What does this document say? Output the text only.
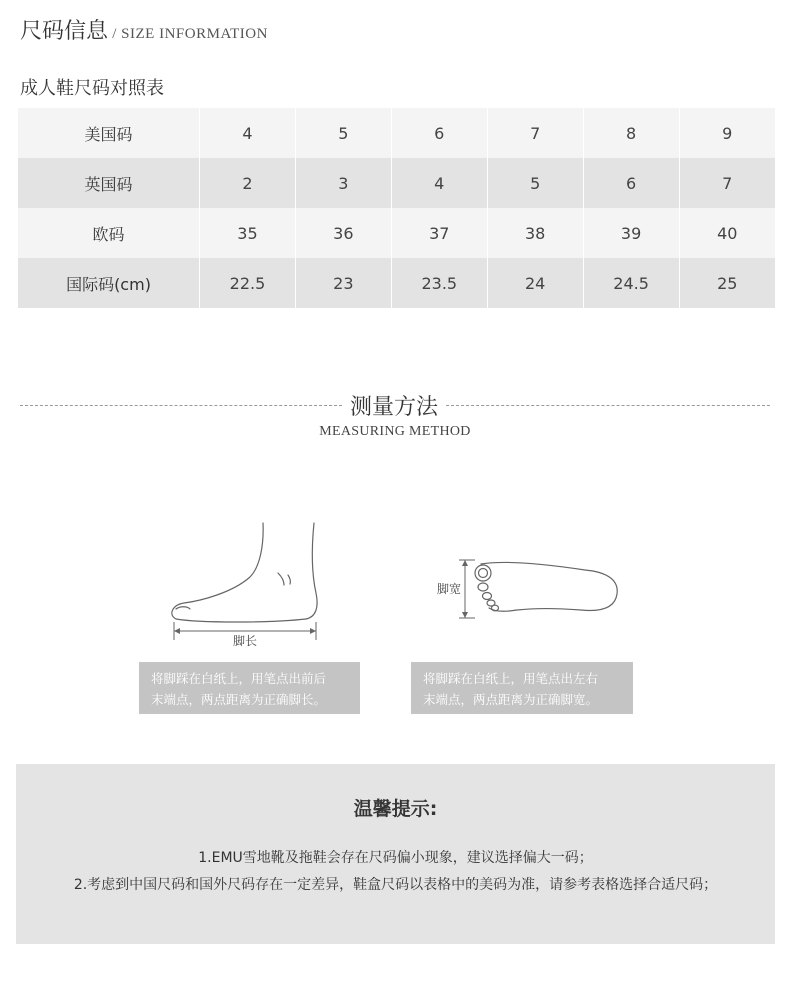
尺码信息 / SIZE INFORMATION
成人鞋尺码对照表
美国码	4	5	6	7	8	9
英国码	2	3	4	5	6	7
欧码	35	36	37	38	39	40
国际码(cm)	22.5	23	23.5	24	24.5	25
测量方法
MEASURING METHOD
脚长
脚宽
将脚踩在白纸上，用笔点出前后
末端点，两点距离为正确脚长。
将脚踩在白纸上，用笔点出左右
末端点，两点距离为正确脚宽。
温馨提示:
1.EMU雪地靴及拖鞋会存在尺码偏小现象，建议选择偏大一码；
2.考虑到中国尺码和国外尺码存在一定差异，鞋盒尺码以表格中的美码为准，请参考表格选择合适尺码；
